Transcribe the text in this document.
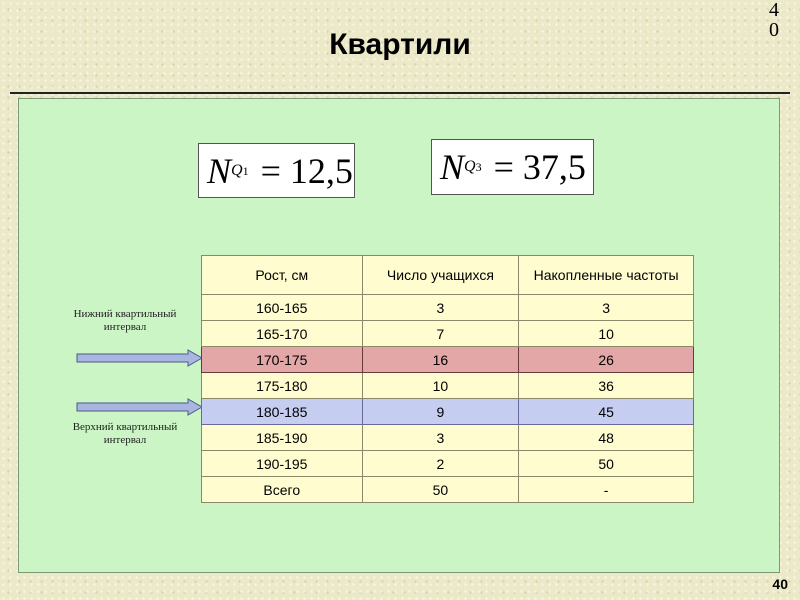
40
Квартили
N Q1 = 12,5 N Q3 = 37,5
Нижний квартильный интервал
Верхний квартильный интервал
Рост, см	Число учащихся	Накопленные частоты
160-165	3	3
165-170	7	10
170-175	16	26
175-180	10	36
180-185	9	45
185-190	3	48
190-195	2	50
Всего	50	-
40
